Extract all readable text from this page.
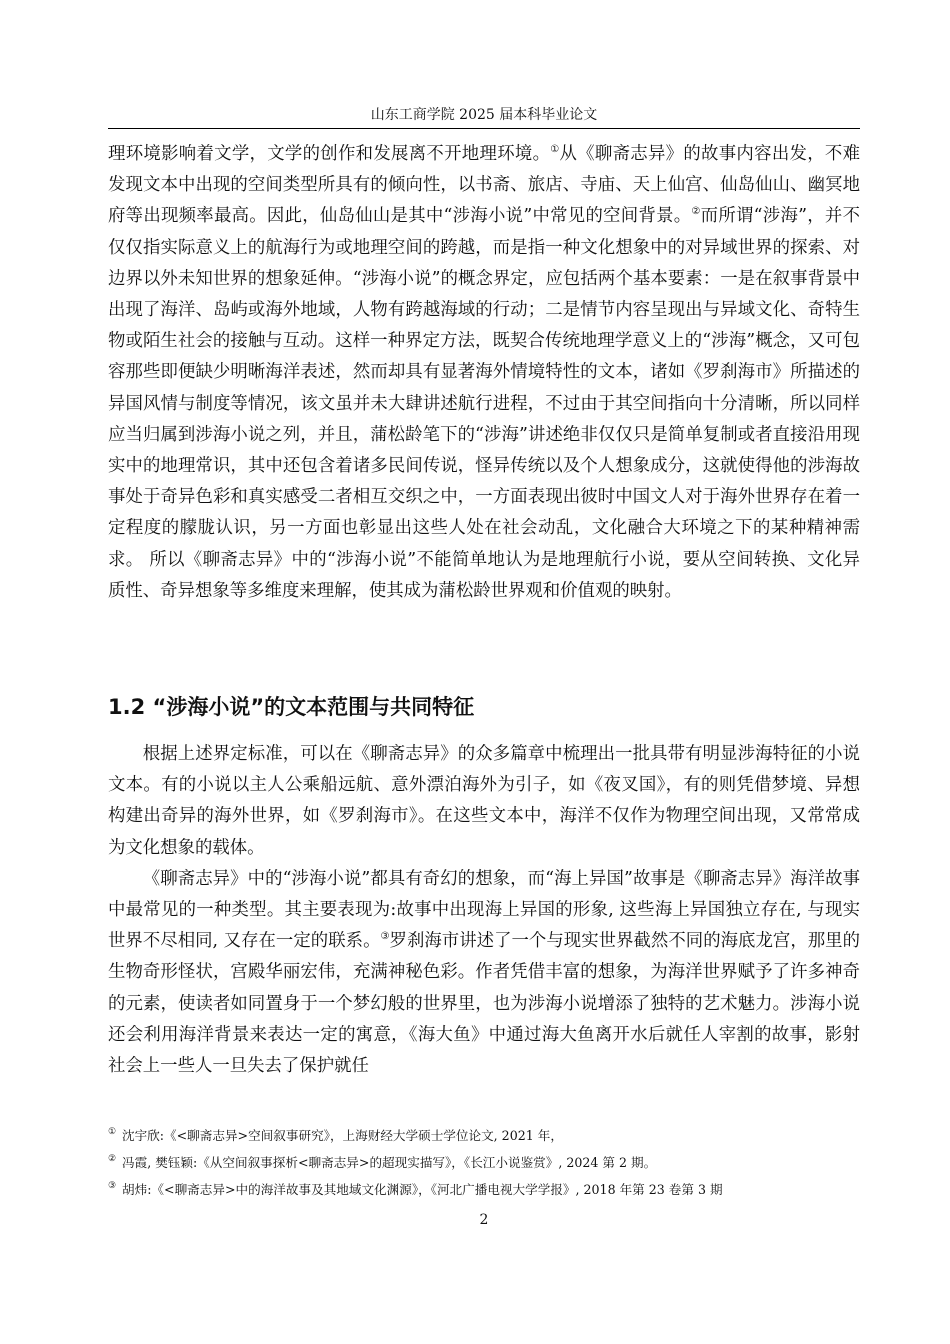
山东工商学院 2025 届本科毕业论文

理环境影响着文学，文学的创作和发展离不开地理环境。①从《聊斋志异》的故事内容出发，不难发现文本中出现的空间类型所具有的倾向性，以书斋、旅店、寺庙、天上仙宫、仙岛仙山、幽冥地府等出现频率最高。因此，仙岛仙山是其中“涉海小说”中常见的空间背景。②而所谓“涉海”，并不仅仅指实际意义上的航海行为或地理空间的跨越，而是指一种文化想象中的对异域世界的探索、对边界以外未知世界的想象延伸。“涉海小说”的概念界定，应包括两个基本要素：一是在叙事背景中出现了海洋、岛屿或海外地域，人物有跨越海域的行动；二是情节内容呈现出与异域文化、奇特生物或陌生社会的接触与互动。这样一种界定方法，既契合传统地理学意义上的“涉海”概念，又可包容那些即便缺少明晰海洋表述，然而却具有显著海外情境特性的文本，诸如《罗刹海市》所描述的异国风情与制度等情况，该文虽并未大肆讲述航行进程，不过由于其空间指向十分清晰，所以同样应当归属到涉海小说之列，并且，蒲松龄笔下的“涉海”讲述绝非仅仅只是简单复制或者直接沿用现实中的地理常识，其中还包含着诸多民间传说，怪异传统以及个人想象成分，这就使得他的涉海故事处于奇异色彩和真实感受二者相互交织之中，一方面表现出彼时中国文人对于海外世界存在着一定程度的朦胧认识，另一方面也彰显出这些人处在社会动乱，文化融合大环境之下的某种精神需求。 所以《聊斋志异》中的“涉海小说”不能简单地认为是地理航行小说，要从空间转换、文化异质性、奇异想象等多维度来理解，使其成为蒲松龄世界观和价值观的映射。

1.2 “涉海小说”的文本范围与共同特征

根据上述界定标准，可以在《聊斋志异》的众多篇章中梳理出一批具带有明显涉海特征的小说文本。有的小说以主人公乘船远航、意外漂泊海外为引子，如《夜叉国》，有的则凭借梦境、异想构建出奇异的海外世界，如《罗刹海市》。在这些文本中，海洋不仅作为物理空间出现，又常常成为文化想象的载体。

《聊斋志异》中的“涉海小说”都具有奇幻的想象，而“海上异国”故事是《聊斋志异》海洋故事中最常见的一种类型。其主要表现为:故事中出现海上异国的形象, 这些海上异国独立存在, 与现实世界不尽相同, 又存在一定的联系。③罗刹海市讲述了一个与现实世界截然不同的海底龙宫，那里的生物奇形怪状，宫殿华丽宏伟，充满神秘色彩。作者凭借丰富的想象，为海洋世界赋予了许多神奇的元素，使读者如同置身于一个梦幻般的世界里，也为涉海小说增添了独特的艺术魅力。涉海小说还会利用海洋背景来表达一定的寓意，《海大鱼》中通过海大鱼离开水后就任人宰割的故事，影射社会上一些人一旦失去了保护就任

① 沈宇欣:《<聊斋志异>空间叙事研究》，上海财经大学硕士学位论文, 2021 年，
② 冯霞, 樊钰颖:《从空间叙事探析<聊斋志异>的超现实描写》，《长江小说鉴赏》, 2024 第 2 期。
③ 胡炜:《<聊斋志异>中的海洋故事及其地域文化渊源》，《河北广播电视大学学报》, 2018 年第 23 卷第 3 期
2
